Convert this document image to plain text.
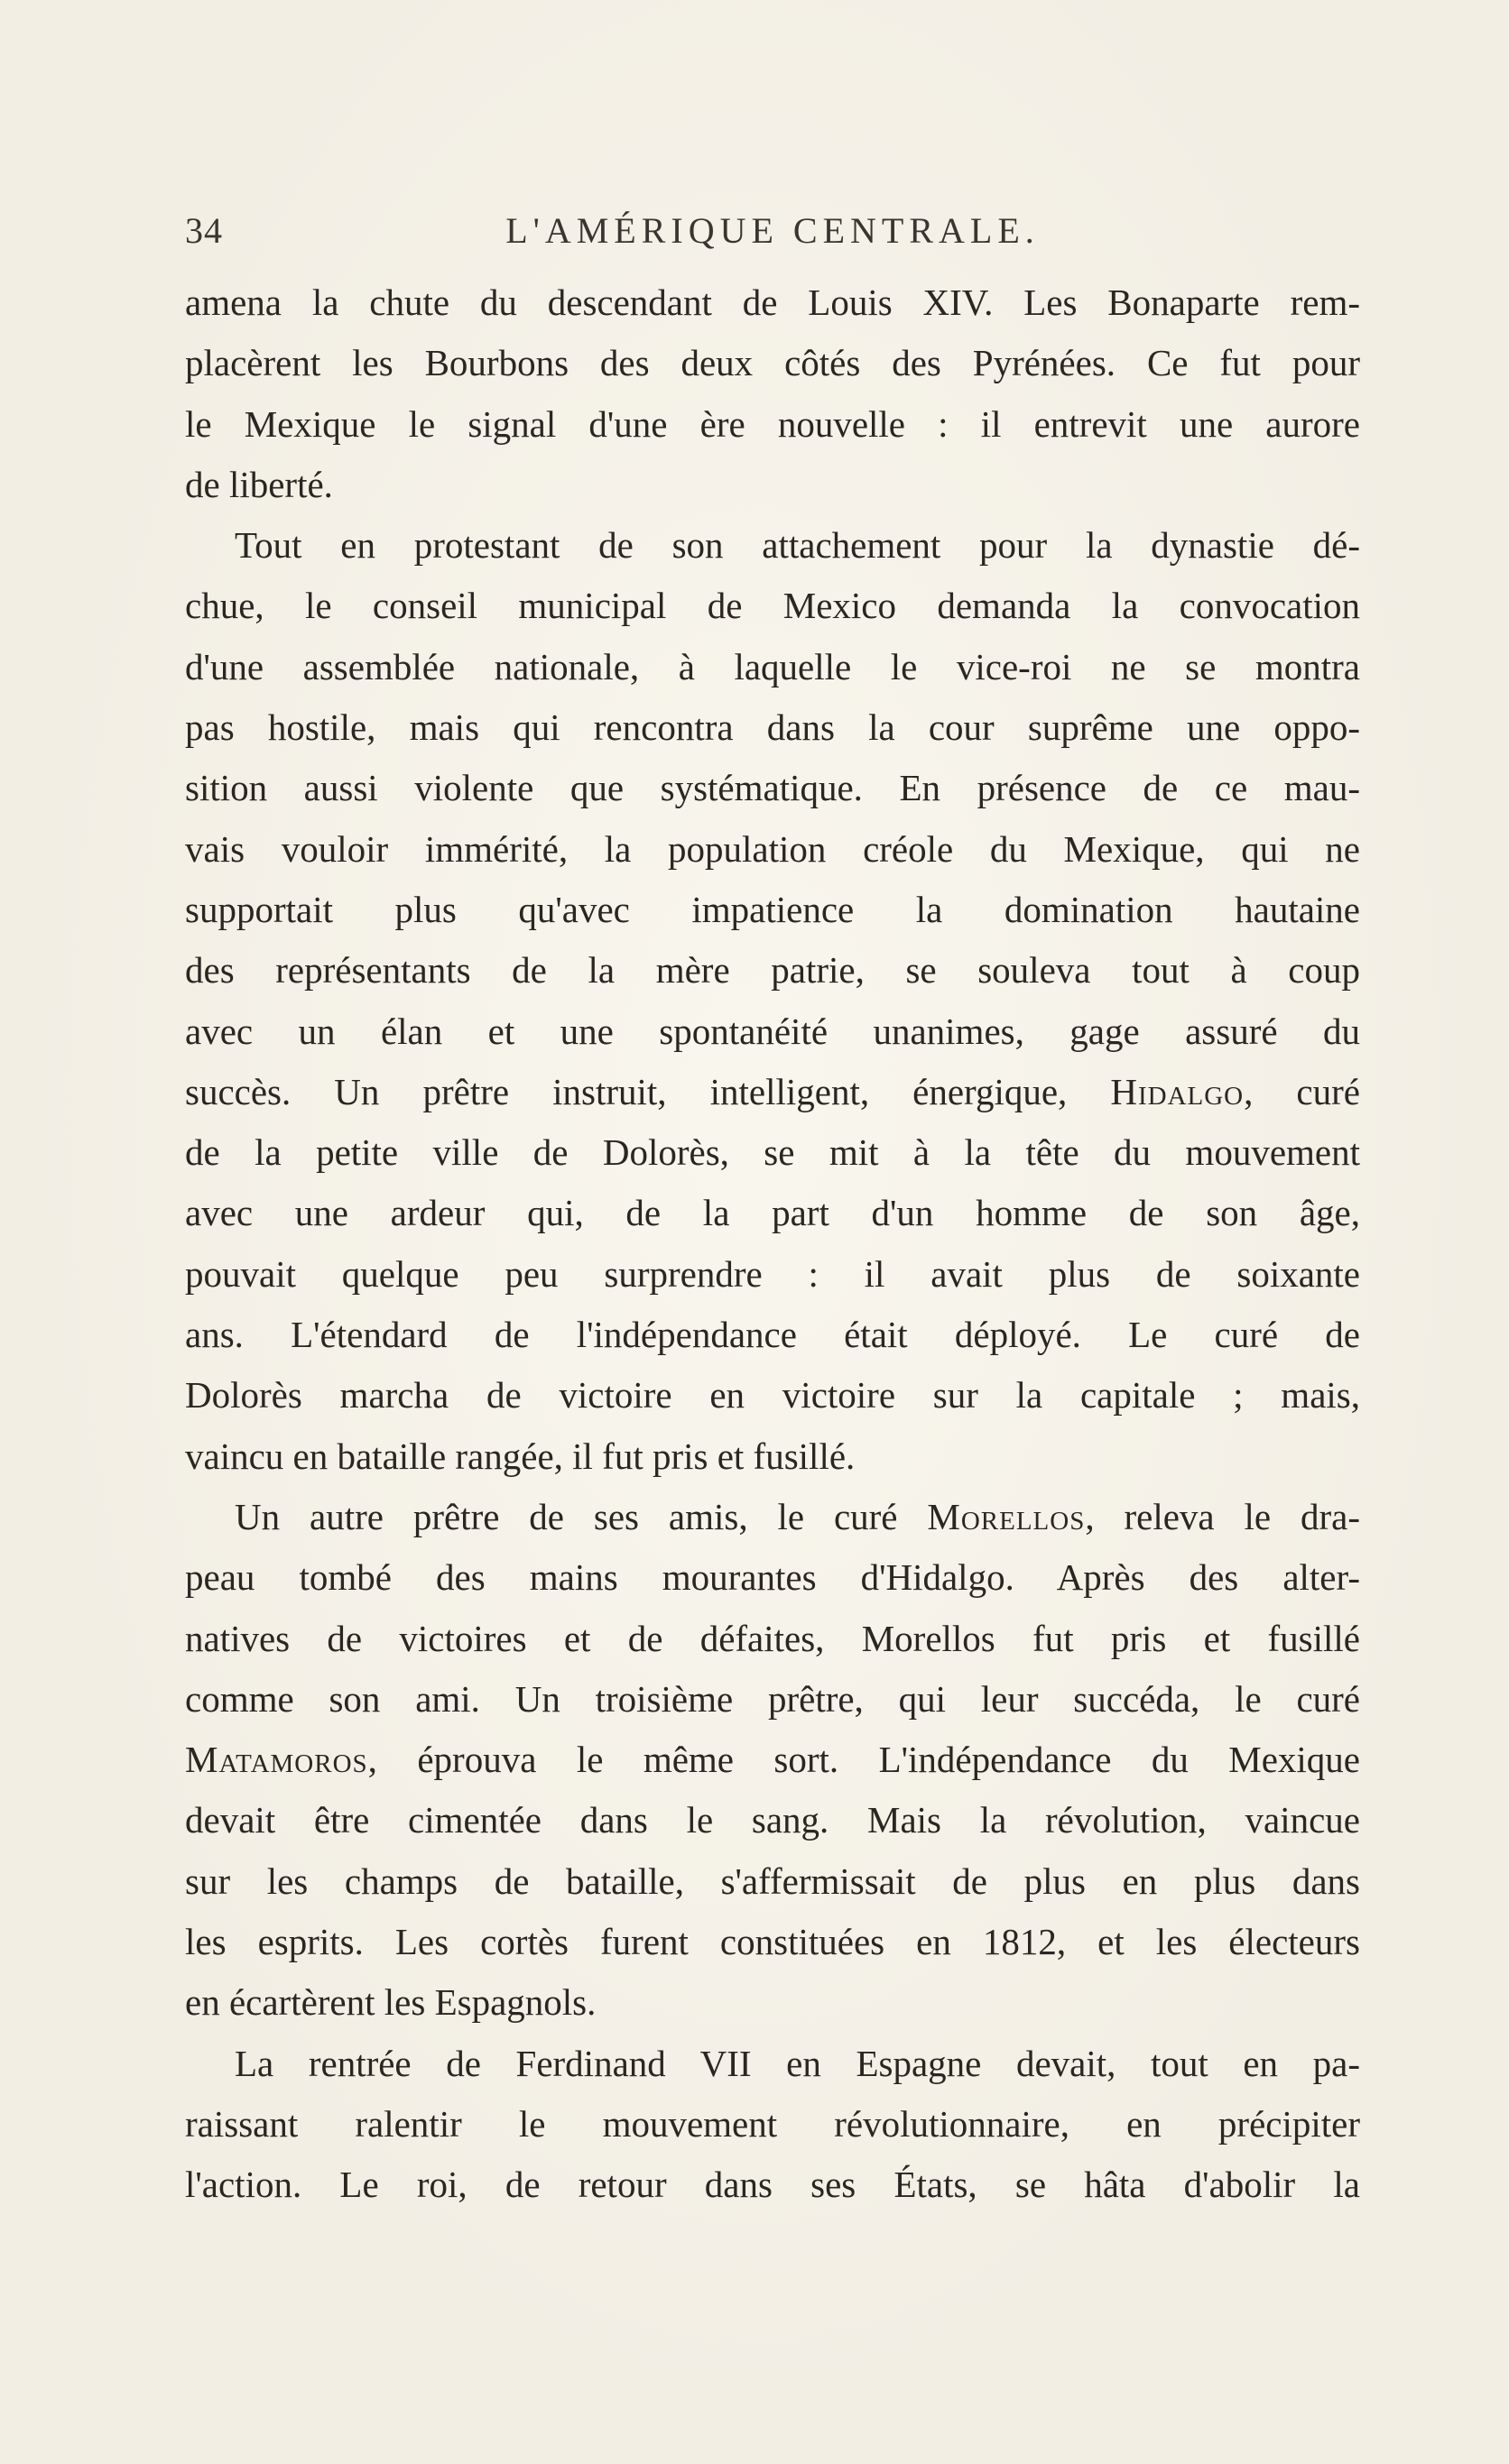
34	L'AMÉRIQUE CENTRALE.
amena la chute du descendant de Louis XIV. Les Bonaparte rem-
placèrent les Bourbons des deux côtés des Pyrénées. Ce fut pour
le Mexique le signal d'une ère nouvelle : il entrevit une aurore
de liberté.
Tout en protestant de son attachement pour la dynastie dé-
chue, le conseil municipal de Mexico demanda la convocation
d'une assemblée nationale, à laquelle le vice-roi ne se montra
pas hostile, mais qui rencontra dans la cour suprême une oppo-
sition aussi violente que systématique. En présence de ce mau-
vais vouloir immérité, la population créole du Mexique, qui ne
supportait plus qu'avec impatience la domination hautaine
des représentants de la mère patrie, se souleva tout à coup
avec un élan et une spontanéité unanimes, gage assuré du
succès. Un prêtre instruit, intelligent, énergique, Hidalgo, curé
de la petite ville de Dolorès, se mit à la tête du mouvement
avec une ardeur qui, de la part d'un homme de son âge,
pouvait quelque peu surprendre : il avait plus de soixante
ans. L'étendard de l'indépendance était déployé. Le curé de
Dolorès marcha de victoire en victoire sur la capitale ; mais,
vaincu en bataille rangée, il fut pris et fusillé.
Un autre prêtre de ses amis, le curé Morellos, releva le dra-
peau tombé des mains mourantes d'Hidalgo. Après des alter-
natives de victoires et de défaites, Morellos fut pris et fusillé
comme son ami. Un troisième prêtre, qui leur succéda, le curé
Matamoros, éprouva le même sort. L'indépendance du Mexique
devait être cimentée dans le sang. Mais la révolution, vaincue
sur les champs de bataille, s'affermissait de plus en plus dans
les esprits. Les cortès furent constituées en 1812, et les électeurs
en écartèrent les Espagnols.
La rentrée de Ferdinand VII en Espagne devait, tout en pa-
raissant ralentir le mouvement révolutionnaire, en précipiter
l'action. Le roi, de retour dans ses États, se hâta d'abolir la
